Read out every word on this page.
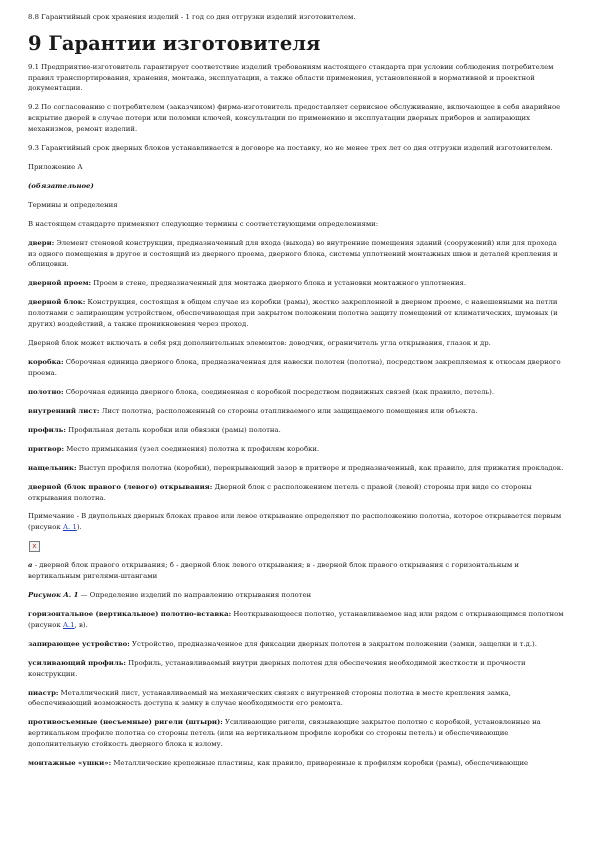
8.8 Гарантийный срок хранения изделий - 1 год со дня отгрузки изделий изготовителем.

9 Гарантии изготовителя

9.1 Предприятие-изготовитель гарантирует соответствие изделий требованиям настоящего стандарта при условии соблюдения потребителем правил транспортирования, хранения, монтажа, эксплуатации, а также области применения, установленной в нормативной и проектной документации.

9.2 По согласованию с потребителем (заказчиком) фирма-изготовитель предоставляет сервисное обслуживание, включающее в себя аварийное вскрытие дверей в случае потери или поломки ключей, консультации по применению и эксплуатации дверных приборов и запирающих механизмов, ремонт изделий.

9.3 Гарантийный срок дверных блоков устанавливается в договоре на поставку, но не менее трех лет со дня отгрузки изделий изготовителем.

Приложение А

(обязательное)

Термины и определения

В настоящем стандарте применяют следующие термины с соответствующими определениями:

двери: Элемент стеновой конструкции, предназначенный для входа (выхода) во внутренние помещения зданий (сооружений) или для прохода из одного помещения в другое и состоящий из дверного проема, дверного блока, системы уплотнений монтажных швов и деталей крепления и облицовки.

дверной проем: Проем в стене, предназначенный для монтажа дверного блока и установки монтажного уплотнения.

дверной блок: Конструкция, состоящая в общем случае из коробки (рамы), жестко закрепленной в дверном проеме, с навешенными на петли полотнами с запирающим устройством, обеспечивающая при закрытом положении полотна защиту помещений от климатических, шумовых (и других) воздействий, а также проникновения через проход.

Дверной блок может включать в себя ряд дополнительных элементов: доводчик, ограничитель угла открывания, глазок и др.

коробка: Сборочная единица дверного блока, предназначенная для навески полотен (полотна), посредством закрепляемая к откосам дверного проема.

полотно: Сборочная единица дверного блока, соединенная с коробкой посредством подвижных связей (как правило, петель).

внутренний лист: Лист полотна, расположенный со стороны отапливаемого или защищаемого помещения или объекта.

профиль: Профильная деталь коробки или обвязки (рамы) полотна.

притвор: Место примыкания (узел соединения) полотна к профилям коробки.

нащельник: Выступ профиля полотна (коробки), перекрывающий зазор в притворе и предназначенный, как правило, для прижатия прокладок.

дверной (блок правого (левого) открывания: Дверной блок с расположением петель с правой (левой) стороны при виде со стороны открывания полотна.

Примечание - В двупольных дверных блоках правое или левое открывание определяют по расположению полотна, которое открывается первым (рисунок А. 1).

x

а - дверной блок правого открывания; б - дверной блок левого открывания; в - дверной блок правого открывания с горизонтальным и вертикальным ригелями-штангами

Рисунок А. 1 — Определение изделий по направлению открывания полотен

горизонтальное (вертикальное) полотно-вставка: Неоткрывающееся полотно, устанавливаемое над или рядом с открывающимся полотном (рисунок А.1, в).

запирающее устройство: Устройство, предназначенное для фиксации дверных полотен в закрытом положении (замки, защелки и т.д.).

усиливающий профиль: Профиль, устанавливаемый внутри дверных полотен для обеспечения необходимой жесткости и прочности конструкции.

пиастр: Металлический лист, устанавливаемый на механических связях с внутренней стороны полотна в месте крепления замка, обеспечивающий возможность доступа к замку в случае необходимости его ремонта.

противосъемные (несъемные) ригели (штыри): Усиливающие ригели, связывающие закрытое полотно с коробкой, установленные на вертикальном профиле полотна со стороны петель (или на вертикальном профиле коробки со стороны петель) и обеспечивающие дополнительную стойкость дверного блока к взлому.

монтажные «ушки»: Металлические крепежные пластины, как правило, приваренные к профилям коробки (рамы), обеспечивающие
